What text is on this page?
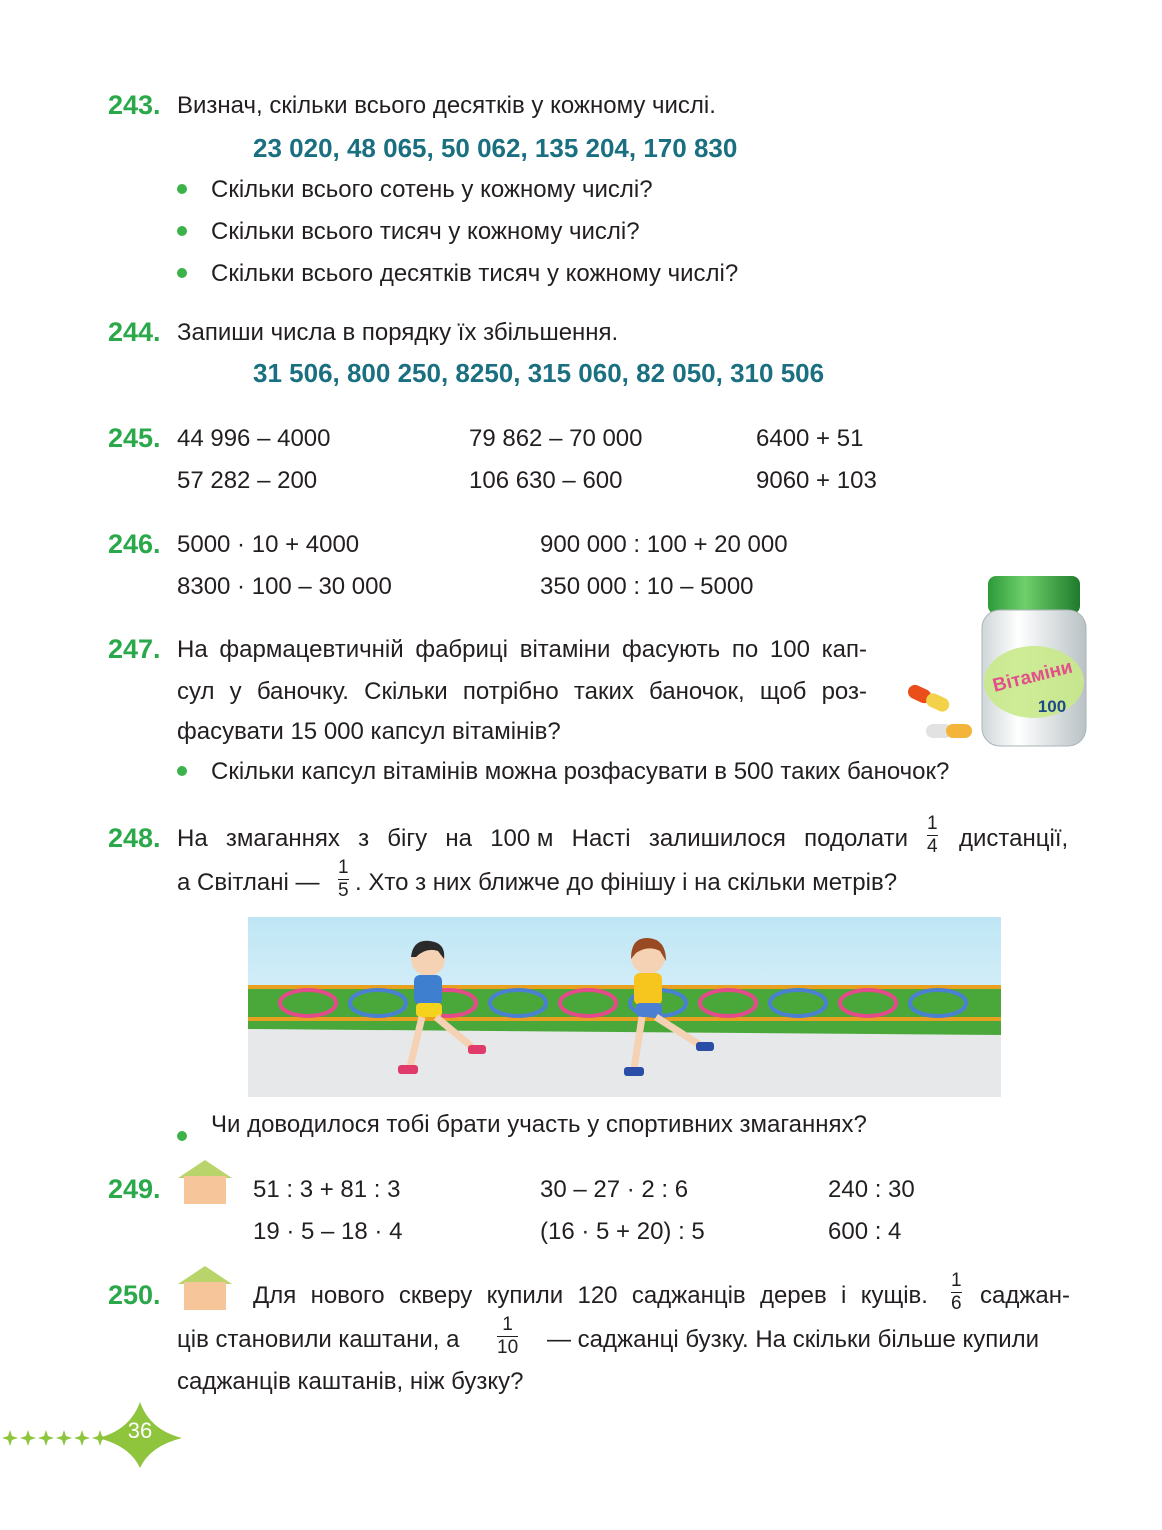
243. Визнач, скільки всього десятків у кожному числі.
23 020, 48 065, 50 062, 135 204, 170 830
Скільки всього сотень у кожному числі?
Скільки всього тисяч у кожному числі?
Скільки всього десятків тисяч у кожному числі?
244. Запиши числа в порядку їх збільшення.
31 506, 800 250, 8250, 315 060, 82 050, 310 506
245. 44 996 – 4000	79 862 – 70 000	6400 + 51
57 282 – 200	106 630 – 600	9060 + 103
246. 5000 · 10 + 4000	900 000 : 100 + 20 000
8300 · 100 – 30 000	350 000 : 10 – 5000
247. На фармацевтичній фабриці вітаміни фасують по 100 кап-
сул у баночку. Скільки потрібно таких баночок, щоб роз-
фасувати 15 000 капсул вітамінів?
Скільки капсул вітамінів можна розфасувати в 500 таких баночок?
Вітаміни
100
248. На змаганнях з бігу на 100 м Насті залишилося подолати
1
4 дистанції,
а Світлані —
1
5 . Хто з них ближче до фінішу і на скільки метрів?
Чи доводилося тобі брати участь у спортивних змаганнях?
249.	51 : 3 + 81 : 3	30 – 27 · 2 : 6	240 : 30
19 · 5 – 18 · 4	(16 · 5 + 20) : 5	600 : 4
250.	Для нового скверу купили 120 саджанців дерев і кущів.
1
6 саджан-
ців становили каштани, а
1
10 — саджанці бузку. На скільки більше купили
саджанців каштанів, ніж бузку?
36
